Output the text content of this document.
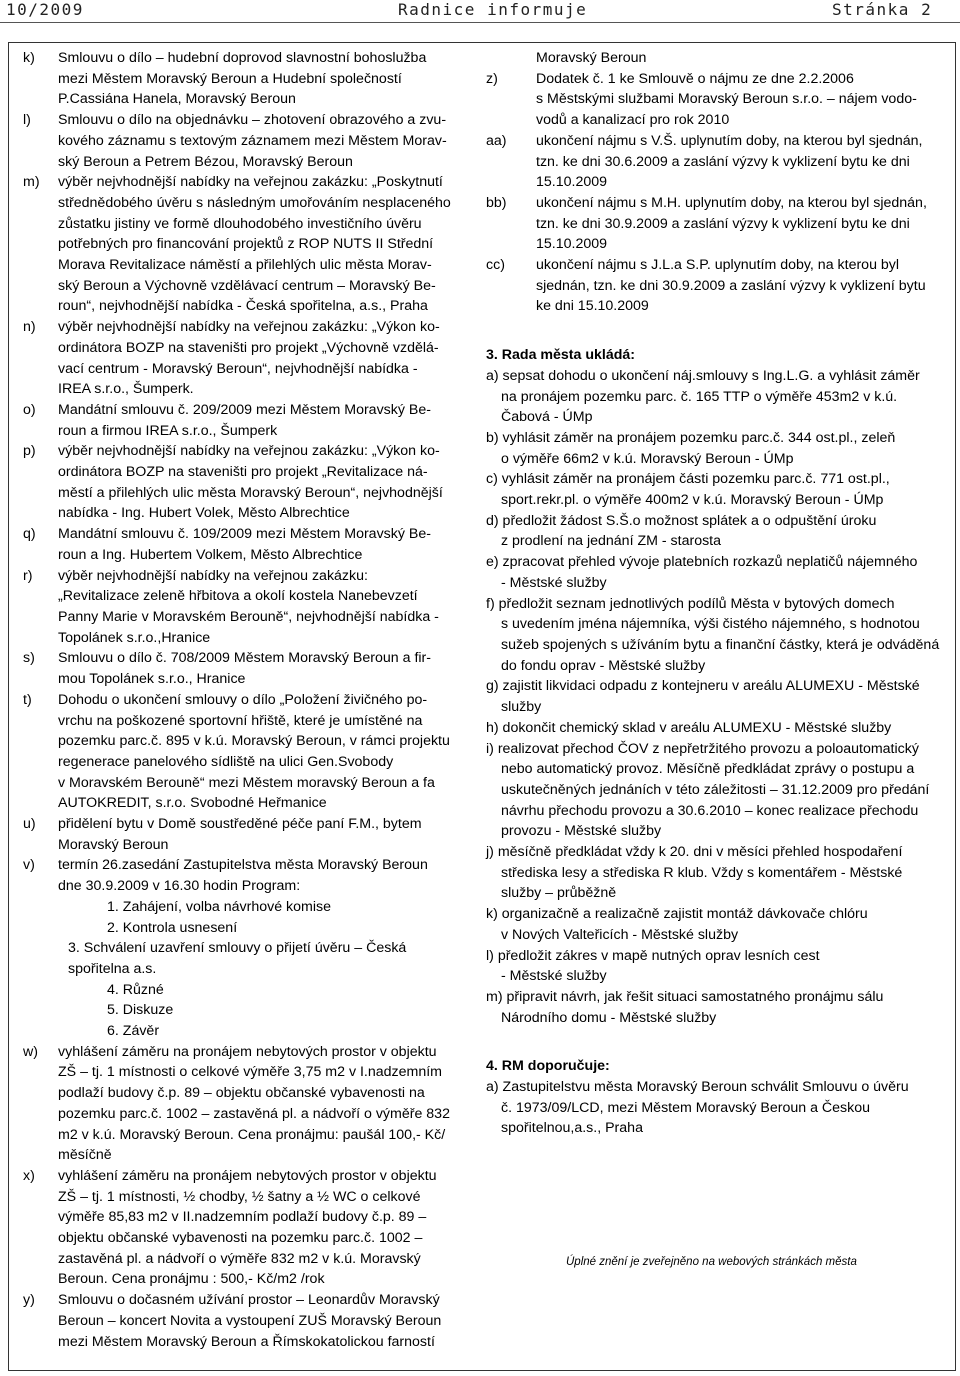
10/2009	Radnice informuje	Stránka 2
k) Smlouvu o dílo – hudební doprovod slavnostní bohoslužba
mezi Městem Moravský Beroun a Hudební společností
P.Cassiána Hanela, Moravský Beroun
l) Smlouvu o dílo na objednávku – zhotovení obrazového a zvu-
kového záznamu s textovým záznamem mezi Městem Morav-
ský Beroun a Petrem Bézou, Moravský Beroun
m) výběr nejvhodnější nabídky na veřejnou zakázku: „Poskytnutí
střednědobého úvěru s následným umořováním nesplaceného
zůstatku jistiny ve formě dlouhodobého investičního úvěru
potřebných pro financování projektů z ROP NUTS II Střední
Morava Revitalizace náměstí a přilehlých ulic města Morav-
ský Beroun a Výchovně vzdělávací centrum – Moravský Be-
roun“, nejvhodnější nabídka - Česká spořitelna, a.s., Praha
n) výběr nejvhodnější nabídky na veřejnou zakázku: „Výkon ko-
ordinátora BOZP na staveništi pro projekt „Výchovně vzdělá-
vací centrum - Moravský Beroun“, nejvhodnější nabídka -
IREA s.r.o., Šumperk.
o) Mandátní smlouvu č. 209/2009 mezi Městem Moravský Be-
roun a firmou IREA s.r.o., Šumperk
p) výběr nejvhodnější nabídky na veřejnou zakázku: „Výkon ko-
ordinátora BOZP na staveništi pro projekt „Revitalizace ná-
městí a přilehlých ulic města Moravský Beroun“, nejvhodnější
nabídka - Ing. Hubert Volek, Město Albrechtice
q) Mandátní smlouvu č. 109/2009 mezi Městem Moravský Be-
roun a Ing. Hubertem Volkem, Město Albrechtice
r) výběr nejvhodnější nabídky na veřejnou zakázku:
„Revitalizace zeleně hřbitova a okolí kostela Nanebevzetí
Panny Marie v Moravském Berouně“, nejvhodnější nabídka -
Topolánek s.r.o.,Hranice
s) Smlouvu o dílo č. 708/2009 Městem Moravský Beroun a fir-
mou Topolánek s.r.o., Hranice
t) Dohodu o ukončení smlouvy o dílo „Položení živičného po-
vrchu na poškozené sportovní hřiště, které je umístěné na
pozemku parc.č. 895 v k.ú. Moravský Beroun, v rámci projektu
regenerace panelového sídliště na ulici Gen.Svobody
v Moravském Berouně“ mezi Městem moravský Beroun a fa
AUTOKREDIT, s.r.o. Svobodné Heřmanice
u) přidělení bytu v Domě soustředěné péče paní F.M., bytem
Moravský Beroun
v) termín 26.zasedání Zastupitelstva města Moravský Beroun
dne 30.9.2009 v 16.30 hodin Program:
1. Zahájení, volba návrhové komise
2. Kontrola usnesení
3. Schválení uzavření smlouvy o přijetí úvěru – Česká
spořitelna a.s.
4. Různé
5. Diskuze
6. Závěr
w) vyhlášení záměru na pronájem nebytových prostor v objektu
ZŠ – tj. 1 místnosti o celkové výměře 3,75 m2 v I.nadzemním
podlaží budovy č.p. 89 – objektu občanské vybavenosti na
pozemku parc.č. 1002 – zastavěná pl. a nádvoří o výměře 832
m2 v k.ú. Moravský Beroun. Cena pronájmu: paušál 100,- Kč/
měsíčně
x) vyhlášení záměru na pronájem nebytových prostor v objektu
ZŠ – tj. 1 místnosti, ½ chodby, ½ šatny a ½ WC o celkové
výměře 85,83 m2 v II.nadzemním podlaží budovy č.p. 89 –
objektu občanské vybavenosti na pozemku parc.č. 1002 –
zastavěná pl. a nádvoří o výměře 832 m2 v k.ú. Moravský
Beroun. Cena pronájmu : 500,- Kč/m2 /rok
y) Smlouvu o dočasném užívání prostor – Leonardův Moravský
Beroun – koncert Novita a vystoupení ZUŠ Moravský Beroun
mezi Městem Moravský Beroun a Římskokatolickou farností
Moravský Beroun
z)	Dodatek č. 1 ke Smlouvě o nájmu ze dne 2.2.2006
s Městskými službami Moravský Beroun s.r.o. – nájem vodo-
vodů a kanalizací pro rok 2010
aa) ukončení nájmu s V.Š. uplynutím doby, na kterou byl sjednán,
tzn. ke dni 30.6.2009 a zaslání výzvy k vyklizení bytu ke dni
15.10.2009
bb) ukončení nájmu s M.H. uplynutím doby, na kterou byl sjednán,
tzn. ke dni 30.9.2009 a zaslání výzvy k vyklizení bytu ke dni
15.10.2009
cc) ukončení nájmu s J.L.a S.P. uplynutím doby, na kterou byl
sjednán, tzn. ke dni 30.9.2009 a zaslání výzvy k vyklizení bytu
ke dni 15.10.2009
3. Rada města ukládá:
a) sepsat dohodu o ukončení náj.smlouvy s Ing.L.G. a vyhlásit záměr
na pronájem pozemku parc. č. 165 TTP o výměře 453m2 v k.ú.
Čabová - ÚMp
b) vyhlásit záměr na pronájem pozemku parc.č. 344 ost.pl., zeleň
o výměře 66m2 v k.ú. Moravský Beroun - ÚMp
c) vyhlásit záměr na pronájem části pozemku parc.č. 771 ost.pl.,
sport.rekr.pl. o výměře 400m2 v k.ú. Moravský Beroun - ÚMp
d) předložit žádost S.Š.o možnost splátek a o odpuštění úroku
z prodlení na jednání ZM - starosta
e) zpracovat přehled vývoje platebních rozkazů neplatičů nájemného
- Městské služby
f) předložit seznam jednotlivých podílů Města v bytových domech
s uvedením jména nájemníka, výši čistého nájemného, s hodnotou
sužeb spojených s užíváním bytu a finanční částky, která je odváděná do fondu oprav - Městské služby
g) zajistit likvidaci odpadu z kontejneru v areálu ALUMEXU - Městské
služby
h) dokončit chemický sklad v areálu ALUMEXU - Městské služby
i) realizovat přechod ČOV z nepřetržitého provozu a poloautomatický
nebo automatický provoz. Měsíčně předkládat zprávy o postupu a
uskutečněných jednáních v této záležitosti – 31.12.2009 pro předání
návrhu přechodu provozu a 30.6.2010 – konec realizace přechodu
provozu - Městské služby
j) měsíčně předkládat vždy k 20. dni v měsíci přehled hospodaření
střediska lesy a střediska R klub. Vždy s komentářem - Městské
služby – průběžně
k) organizačně a realizačně zajistit montáž dávkovače chlóru
v Nových Valteřicích - Městské služby
l) předložit zákres v mapě nutných oprav lesních cest
- Městské služby
m) připravit návrh, jak řešit situaci samostatného pronájmu sálu
Národního domu - Městské služby
4. RM doporučuje:
a) Zastupitelstvu města Moravský Beroun schválit Smlouvu o úvěru
č. 1973/09/LCD, mezi Městem Moravský Beroun a Českou
spořitelnou,a.s., Praha
Úplné znění je zveřejněno na webových stránkách města
